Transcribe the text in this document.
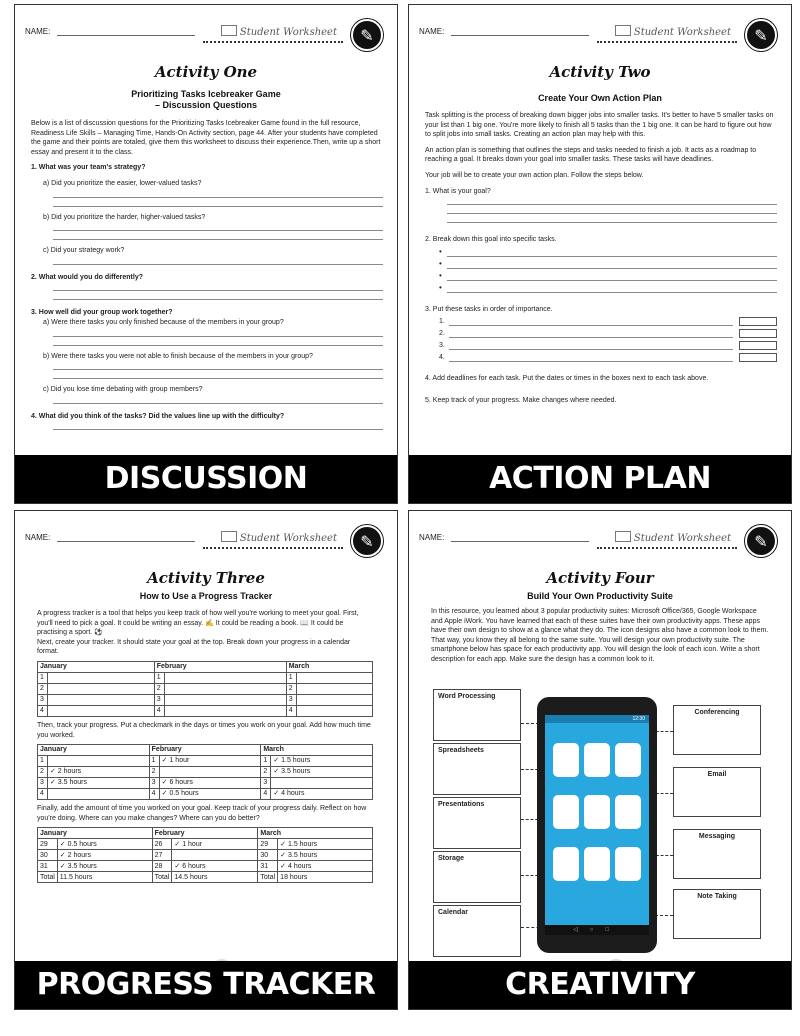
NAME:	Student Worksheet	✎
Activity One
Prioritizing Tasks Icebreaker Game
– Discussion Questions

Below is a list of discussion questions for the Prioritizing Tasks Icebreaker Game found in the full resource, Readiness Life Skills – Managing Time, Hands-On Activity section, page 44. After your students have completed the game and their points are totaled, give them this worksheet to discuss their experience.Then, write up a short essay and present it to the class.

1. What was your team's strategy?
a) Did you prioritize the easier, lower-valued tasks?
b) Did you prioritize the harder, higher-valued tasks?
c) Did your strategy work?
2. What would you do differently?
3. How well did your group work together?
a) Were there tasks you only finished because of the members in your group?
b) Were there tasks you were not able to finish because of the members in your group?
c) Did you lose time debating with group members?
4. What did you think of the tasks? Did the values line up with the difficulty?
DISCUSSION
NAME:	Student Worksheet	✎
Activity Two
Create Your Own Action Plan

Task splitting is the process of breaking down bigger jobs into smaller tasks. It's better to have 5 smaller tasks on your list than 1 big one. You're more likely to finish all 5 tasks than the 1 big one. It can be hard to figure out how to split jobs into small tasks. Creating an action plan may help with this.

An action plan is something that outlines the steps and tasks needed to finish a job. It acts as a roadmap to reaching a goal. It breaks down your goal into smaller tasks. These tasks will have deadlines.

Your job will be to create your own action plan. Follow the steps below.

1. What is your goal?
2. Break down this goal into specific tasks.
•
•
•
•
3. Put these tasks in order of importance.
1.
2.
3.
4.
4. Add deadlines for each task. Put the dates or times in the boxes next to each task above.
5. Keep track of your progress. Make changes where needed.
ACTION PLAN
NAME:	Student Worksheet	✎
Activity Three
How to Use a Progress Tracker

A progress tracker is a tool that helps you keep track of how well you're working to meet your goal. First, you'll need to pick a goal. It could be writing an essay. ✍ It could be reading a book. 📖 It could be practising a sport. ⚽

Next, create your tracker. It should state your goal at the top. Break down your progress in a calendar format.

January		February		March	
1		1		1	
2		2		2	
3		3		3	
4		4		4	

Then, track your progress. Put a checkmark in the days or times you work on your goal. Add how much time you worked.

January		February		March	
1		1	✓ 1 hour	1	✓ 1.5 hours
2	✓ 2 hours	2		2	✓ 3.5 hours
3	✓ 3.5 hours	3	✓ 6 hours	3	
4		4	✓ 0.5 hours	4	✓ 4 hours

Finally, add the amount of time you worked on your goal. Keep track of your progress daily. Reflect on how you're doing. Where can you make changes? Where can you do better?

January		February		March	
29	✓ 0.5 hours	26	✓ 1 hour	29	✓ 1.5 hours
30	✓ 2 hours	27		30	✓ 3.5 hours
31	✓ 3.5 hours	28	✓ 6 hours	31	✓ 4 hours
Total	11.5 hours	Total	14.5 hours	Total	18 hours
PROGRESS TRACKER
NAME:	Student Worksheet	✎
Activity Four
Build Your Own Productivity Suite

In this resource, you learned about 3 popular productivity suites: Microsoft Office/365, Google Workspace and Apple iWork. You have learned that each of these suites have their own productivity apps. These apps have their own design to show at a glance what they do. The icon designs also have a common look to them. That way, you know they all belong to the same suite. You will design your own productivity suite. The smartphone below has space for each productivity app. You will design the look of each icon. Write a short description for each app. Make sure the design has a common look to it.

Word Processing
Spreadsheets
Presentations
Storage
Calendar
Conferencing
Email
Messaging
Note Taking
12:30
◁○□
CREATIVITY
